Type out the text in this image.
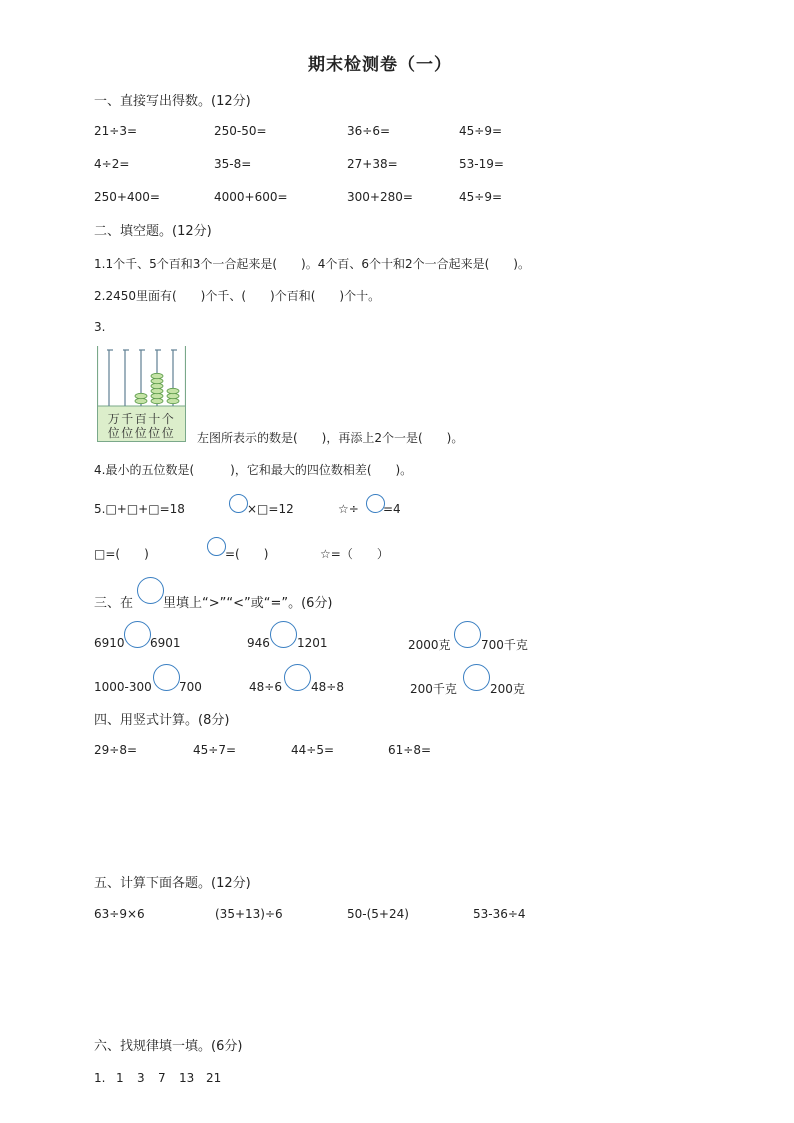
期末检测卷（一）
一、直接写出得数。(12分)
21÷3=	250-50=	36÷6=	45÷9=
4÷2=	35-8=	27+38=	53-19=
250+400=	4000+600=	300+280=	45÷9=
二、填空题。(12分)
1.1个千、5个百和3个一合起来是(　　)。4个百、6个十和2个一合起来是(　　)。
2.2450里面有(　　)个千、(　　)个百和(　　)个十。
3.
万千百十个
位位位位位 左图所表示的数是(　　)，再添上2个一是(　　)。
4.最小的五位数是(　　　)，它和最大的四位数相差(　　)。
5.□+□+□=18	×□=12	☆÷ =4
□=(　　)	=(　　)	☆=（　　）
三、在 里填上“>”“<”或“=”。(6分)
6910 6901	946 1201	2000克	700千克
1000-300 700	48÷6 48÷8	200千克	200克
四、用竖式计算。(8分)
29÷8=	45÷7=	44÷5=	61÷8=
五、计算下面各题。(12分)
63÷9×6	(35+13)÷6	50-(5+24)	53-36÷4
六、找规律填一填。(6分)
1. 1 3 7 13 21
